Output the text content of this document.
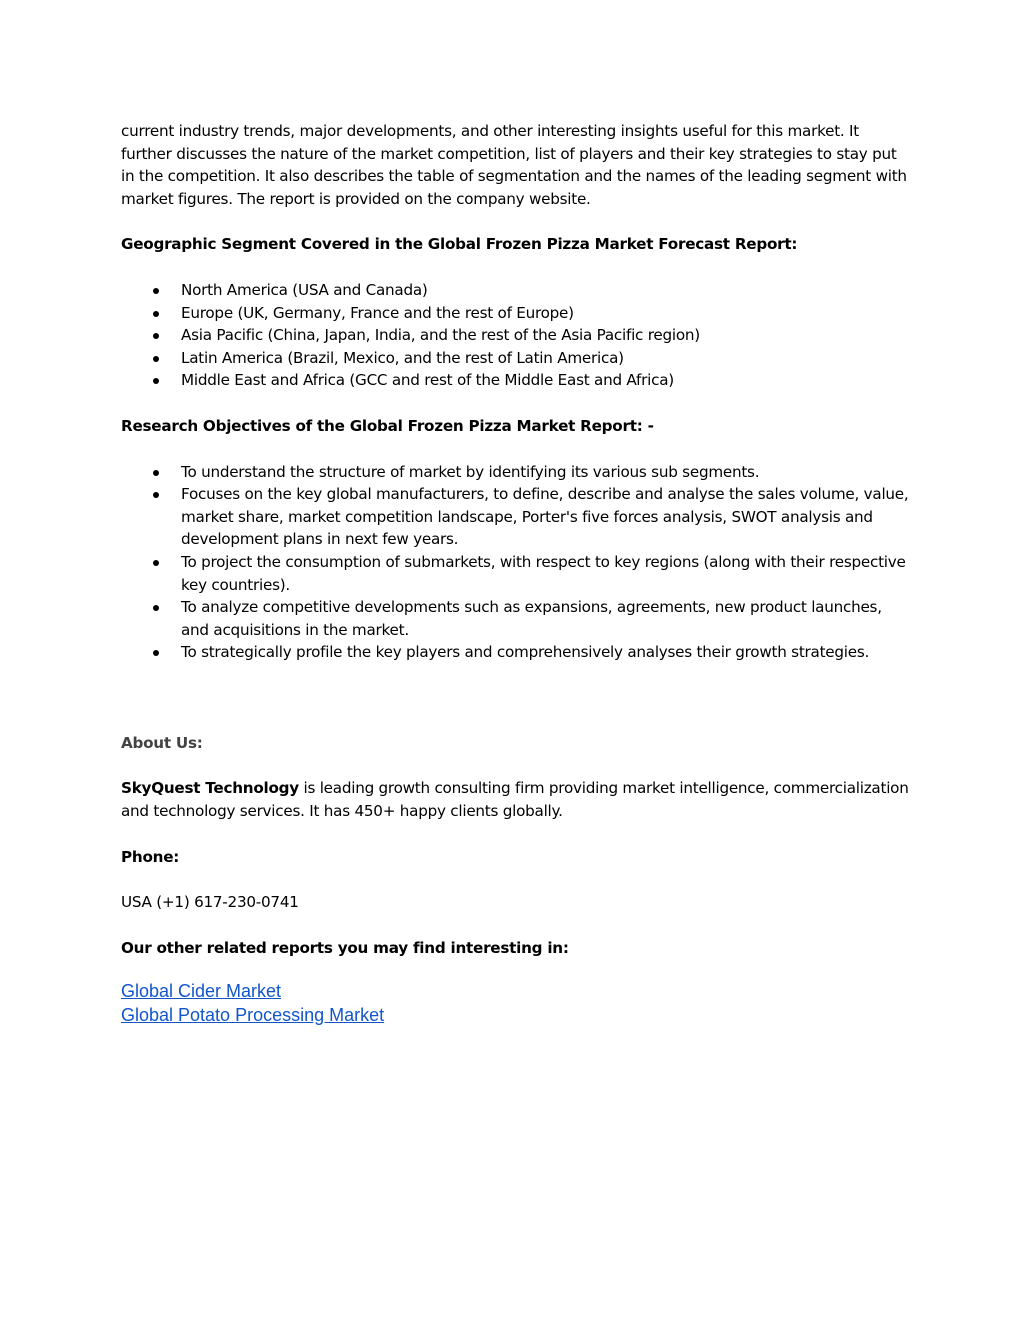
current industry trends, major developments, and other interesting insights useful for this market. It further discusses the nature of the market competition, list of players and their key strategies to stay put in the competition. It also describes the table of segmentation and the names of the leading segment with market figures. The report is provided on the company website.

Geographic Segment Covered in the Global Frozen Pizza Market Forecast Report:

North America (USA and Canada)
Europe (UK, Germany, France and the rest of Europe)
Asia Pacific (China, Japan, India, and the rest of the Asia Pacific region)
Latin America (Brazil, Mexico, and the rest of Latin America)
Middle East and Africa (GCC and rest of the Middle East and Africa)

Research Objectives of the Global Frozen Pizza Market Report: -

To understand the structure of market by identifying its various sub segments.
Focuses on the key global manufacturers, to define, describe and analyse the sales volume, value, market share, market competition landscape, Porter's five forces analysis, SWOT analysis and development plans in next few years.
To project the consumption of submarkets, with respect to key regions (along with their respective key countries).
To analyze competitive developments such as expansions, agreements, new product launches, and acquisitions in the market.
To strategically profile the key players and comprehensively analyses their growth strategies.

About Us:

SkyQuest Technology is leading growth consulting firm providing market intelligence, commercialization and technology services. It has 450+ happy clients globally.

Phone:

USA (+1) 617-230-0741

Our other related reports you may find interesting in:

Global Cider Market
Global Potato Processing Market
